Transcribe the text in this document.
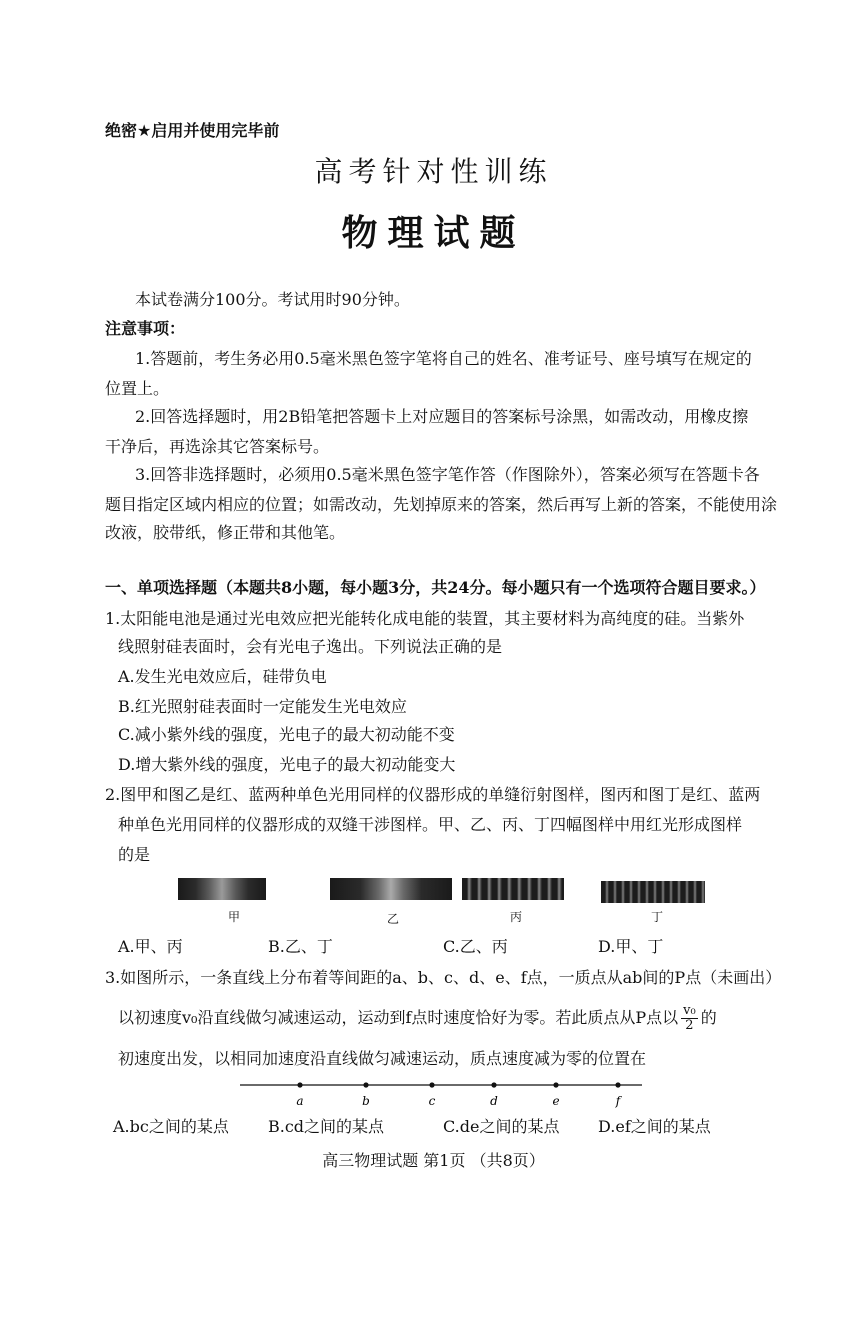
绝密★启用并使用完毕前
高考针对性训练
物理试题
本试卷满分100分。考试用时90分钟。
注意事项：
1.答题前，考生务必用0.5毫米黑色签字笔将自己的姓名、准考证号、座号填写在规定的
位置上。
2.回答选择题时，用2B铅笔把答题卡上对应题目的答案标号涂黑，如需改动，用橡皮擦
干净后，再选涂其它答案标号。
3.回答非选择题时，必须用0.5毫米黑色签字笔作答（作图除外），答案必须写在答题卡各
题目指定区域内相应的位置；如需改动，先划掉原来的答案，然后再写上新的答案，不能使用涂
改液，胶带纸，修正带和其他笔。
一、单项选择题（本题共8小题，每小题3分，共24分。每小题只有一个选项符合题目要求。）
1.太阳能电池是通过光电效应把光能转化成电能的装置，其主要材料为高纯度的硅。当紫外
线照射硅表面时，会有光电子逸出。下列说法正确的是
A.发生光电效应后，硅带负电
B.红光照射硅表面时一定能发生光电效应
C.减小紫外线的强度，光电子的最大初动能不变
D.增大紫外线的强度，光电子的最大初动能变大
2.图甲和图乙是红、蓝两种单色光用同样的仪器形成的单缝衍射图样，图丙和图丁是红、蓝两
种单色光用同样的仪器形成的双缝干涉图样。甲、乙、丙、丁四幅图样中用红光形成图样
的是
甲	乙	丙	丁
A.甲、丙	B.乙、丁	C.乙、丙	D.甲、丁
3.如图所示，一条直线上分布着等间距的a、b、c、d、e、f点，一质点从ab间的P点（未画出）
以初速度v₀沿直线做匀减速运动，运动到f点时速度恰好为零。若此质点从P点以 $\frac{\text{v₀}}{2}$ 的
初速度出发，以相同加速度沿直线做匀减速运动，质点速度减为零的位置在
a	b	c	d	e	f
A.bc之间的某点 B.cd之间的某点	C.de之间的某点 D.ef之间的某点
高三物理试题 第1页 （共8页）
